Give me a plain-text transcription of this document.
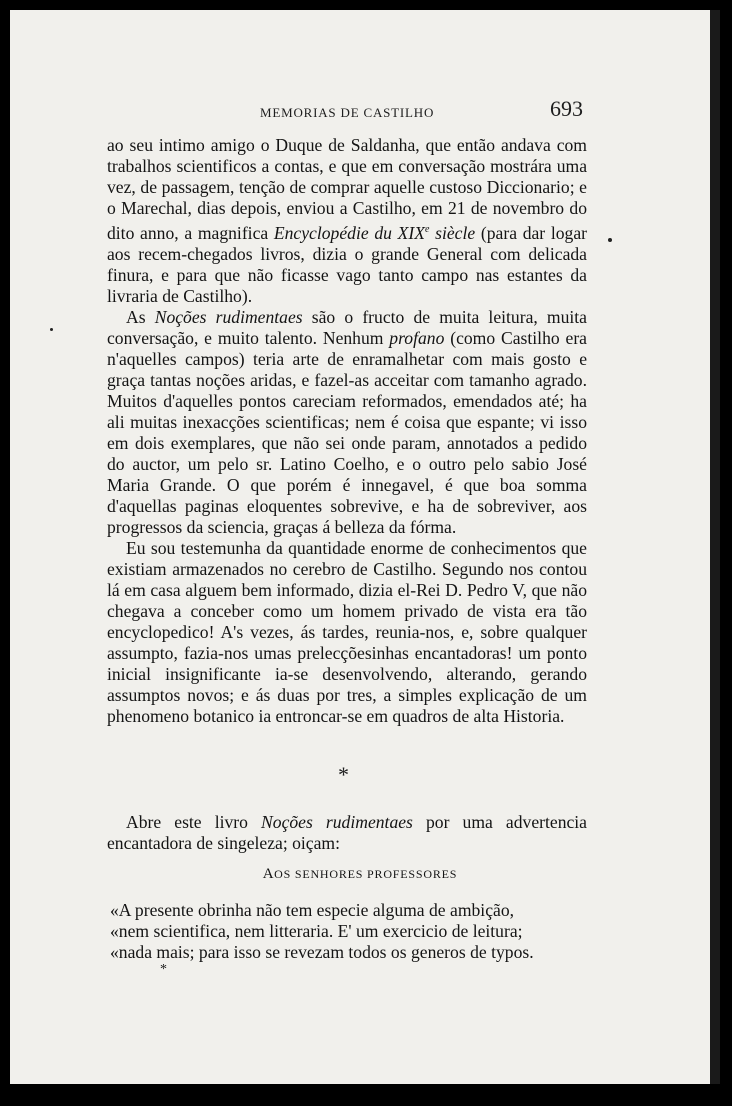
MEMORIAS DE CASTILHO	693

ao seu intimo amigo o Duque de Saldanha, que então andava com trabalhos scientificos a contas, e que em conversação mostrára uma vez, de passagem, tenção de comprar aquelle custoso Diccionario; e o Marechal, dias depois, enviou a Castilho, em 21 de novembro do dito anno, a magnifica Encyclopédie du XIXe siècle (para dar logar aos recem-chegados livros, dizia o grande General com delicada finura, e para que não ficasse vago tanto campo nas estantes da livraria de Castilho).

As Noções rudimentaes são o fructo de muita leitura, muita conversação, e muito talento. Nenhum profano (como Castilho era n'aquelles campos) teria arte de enramalhetar com mais gosto e graça tantas noções aridas, e fazel-as acceitar com tamanho agrado. Muitos d'aquelles pontos careciam reformados, emendados até; ha ali muitas inexacções scientificas; nem é coisa que espante; vi isso em dois exemplares, que não sei onde param, annotados a pedido do auctor, um pelo sr. Latino Coelho, e o outro pelo sabio José Maria Grande. O que porém é innegavel, é que boa somma d'aquellas paginas eloquentes sobrevive, e ha de sobreviver, aos progressos da sciencia, graças á belleza da fórma.

Eu sou testemunha da quantidade enorme de conhecimentos que existiam armazenados no cerebro de Castilho. Segundo nos contou lá em casa alguem bem informado, dizia el-Rei D. Pedro V, que não chegava a conceber como um homem privado de vista era tão encyclopedico! A's vezes, ás tardes, reunia-nos, e, sobre qualquer assumpto, fazia-nos umas prelecçõesinhas encantadoras! um ponto inicial insignificante ia-se desenvolvendo, alterando, gerando assumptos novos; e ás duas por tres, a simples explicação de um phenomeno botanico ia entroncar-se em quadros de alta Historia.

*

Abre este livro Noções rudimentaes por uma advertencia encantadora de singeleza; oiçam:

AOS SENHORES PROFESSORES

«A presente obrinha não tem especie alguma de ambição,

«nem scientifica, nem litteraria. E' um exercicio de leitura;

«nada mais; para isso se revezam todos os generos de typos.

*
